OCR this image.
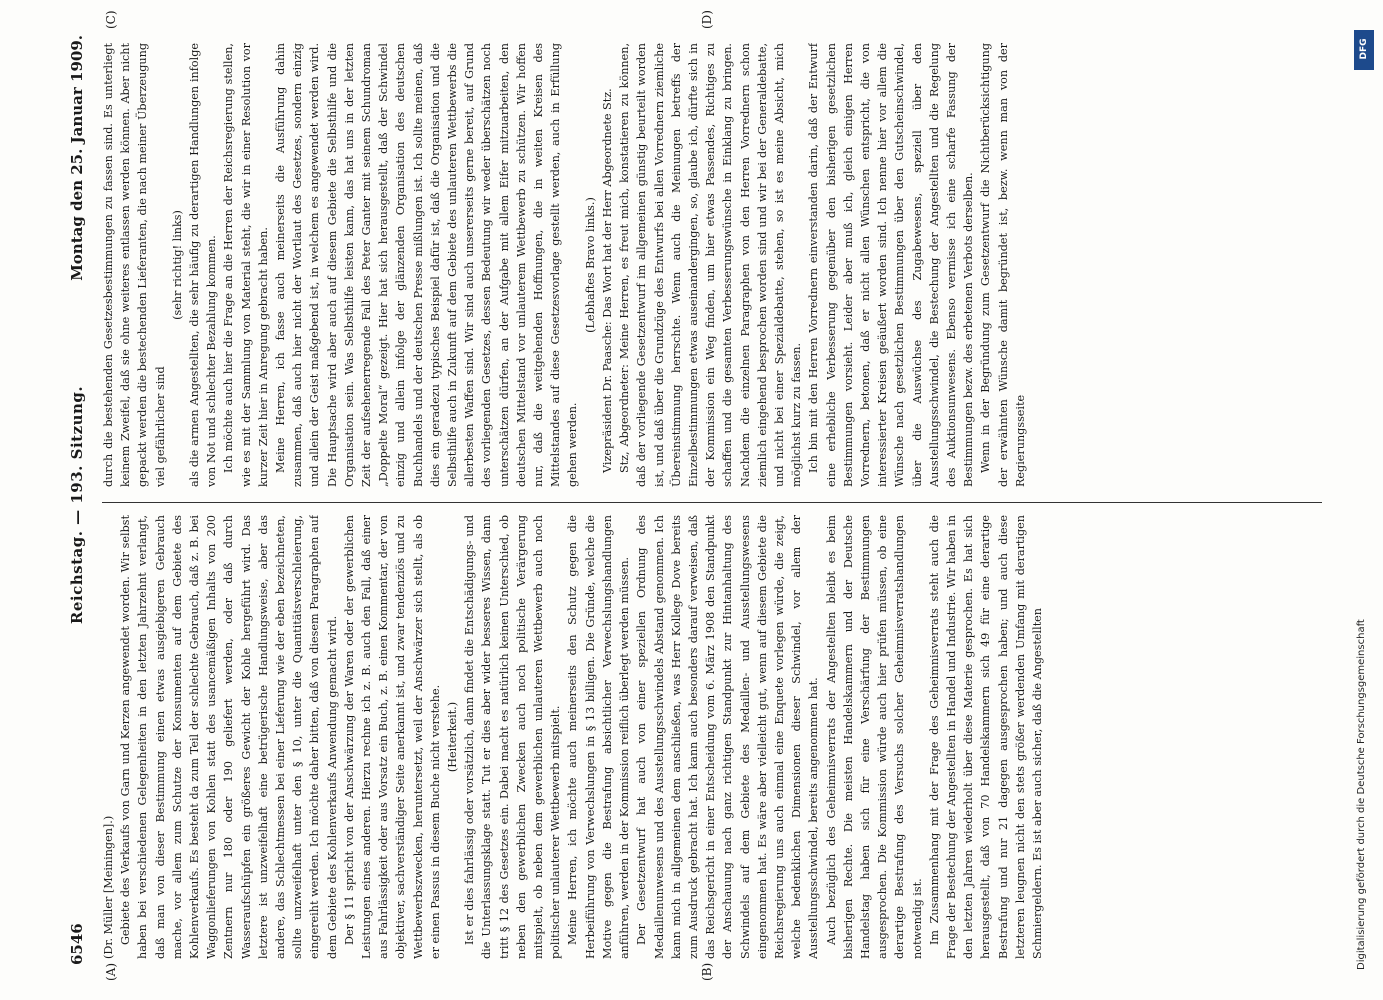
6546
Reichstag. — 193. Sitzung.
Montag den 25. Januar 1909.
(A)	(B)
(C)	(D)

(Dr. Müller [Meiningen].) Gebiete des Verkaufs von Garn und Kerzen angewendet worden. Wir selbst haben bei verschiedenen Gelegenheiten in den letzten Jahrzehnt verlangt, daß man von dieser Bestimmung einen etwas ausgiebigeren Gebrauch mache, vor allem zum Schutze der Konsumenten auf dem Gebiete des Kohlenverkaufs. Es besteht da zum Teil der schlechte Gebrauch, daß z. B. bei Waggonlieferungen von Kohlen statt des usancemäßigen Inhalts von 200 Zentnern nur 180 oder 190 geliefert werden, oder daß durch Wasseraufschüpfen ein größeres Gewicht der Kohle hergeführt wird. Das letztere ist unzweifelhaft eine betrügerische Handlungsweise, aber das andere, das Schlechtmessen bei einer Lieferung wie der eben bezeichneten, sollte unzweifelhaft unter den § 10, unter die Quantitätsverschleierung, eingereiht werden. Ich möchte daher bitten, daß von diesem Paragraphen auf dem Gebiete des Kohlenverkaufs Anwendung gemacht wird. Der § 11 spricht von der Anschwärzung der Waren oder der gewerblichen Leistungen eines anderen. Hierzu rechne ich z. B. auch den Fall, daß einer aus Fahrlässigkeit oder aus Vorsatz ein Buch, z. B. einen Kommentar, der von objektiver, sachverständiger Seite anerkannt ist, und zwar tendenziös und zu Wettbewerbszwecken, heruntersetzt, weil der Anschwärzer sich stellt, als ob er einen Passus in diesem Buche nicht verstehe. (Heiterkeit.) Ist er dies fahrlässig oder vorsätzlich, dann findet die Entschädigungs- und die Unterlassungsklage statt. Tut er dies aber wider besseres Wissen, dann tritt § 12 des Gesetzes ein. Dabei macht es natürlich keinen Unterschied, ob neben den gewerblichen Zwecken auch noch politische Verärgerung mitspielt, ob neben dem gewerblichen unlauteren Wettbewerb auch noch politischer unlauterer Wettbewerb mitspielt. Meine Herren, ich möchte auch meinerseits den Schutz gegen die Herbeiführung von Verwechslungen in § 13 billigen. Die Gründe, welche die Motive gegen die Bestrafung absichtlicher Verwechslungshandlungen anführen, werden in der Kommission reiflich überlegt werden müssen. Der Gesetzentwurf hat auch von einer speziellen Ordnung des Medaillenunwesens und des Ausstellungsschwindels Abstand genommen. Ich kann mich in allgemeinen dem anschließen, was Herr Kollege Dove bereits zum Ausdruck gebracht hat. Ich kann auch besonders darauf verweisen, daß das Reichsgericht in einer Entscheidung vom 6. März 1908 den Standpunkt der Anschauung nach ganz richtigen Standpunkt zur Hintanhaltung des Schwindels auf dem Gebiete des Medaillen- und Ausstellungswesens eingenommen hat. Es wäre aber vielleicht gut, wenn auf diesem Gebiete die Reichsregierung uns auch einmal eine Enquete vorlegen würde, die zeigt, welche bedenklichen Dimensionen dieser Schwindel, vor allem der Ausstellungsschwindel, bereits angenommen hat. Auch bezüglich des Geheimnisverrats der Angestellten bleibt es beim bisherigen Rechte. Die meisten Handelskammern und der Deutsche Handelstag haben sich für eine Verschärfung der Bestimmungen ausgesprochen. Die Kommission würde auch hier prüfen müssen, ob eine derartige Bestrafung des Versuchs solcher Geheimnisverratshandlungen notwendig ist. Im Zusammenhang mit der Frage des Geheimnisverrats steht auch die Frage der Bestechung der Angestellten in Handel und Industrie. Wir haben in den letzten Jahren wiederholt über diese Materie gesprochen. Es hat sich herausgestellt, daß von 70 Handelskammern sich 49 für eine derartige Bestrafung und nur 21 dagegen ausgesprochen haben; und auch diese letzteren leugnen nicht den stets größer werdenden Umfang mit derartigen Schmiergeldern. Es ist aber auch sicher, daß die Angestellten

durch die bestehenden Gesetzesbestimmungen zu fassen sind. Es unterliegt keinem Zweifel, daß sie ohne weiteres entlassen werden können. Aber nicht gepackt werden die bestechenden Lieferanten, die nach meiner Überzeugung viel gefährlicher sind

(sehr richtig! links) als die armen Angestellten, die sehr häufig zu derartigen Handlungen infolge von Not und schlechter Bezahlung kommen. Ich möchte auch hier die Frage an die Herren der Reichsregierung stellen, wie es mit der Sammlung von Material steht, die wir in einer Resolution vor kurzer Zeit hier in Anregung gebracht haben. Meine Herren, ich fasse auch meinerseits die Ausführung dahin zusammen, daß auch hier nicht der Wortlaut des Gesetzes, sondern einzig und allein der Geist maßgebend ist, in welchem es angewendet werden wird. Die Hauptsache wird aber auch auf diesem Gebiete die Selbsthilfe und die Organisation sein. Was Selbsthilfe leisten kann, das hat uns in der letzten Zeit der aufsehenerregende Fall des Peter Ganter mit seinem Schundroman „Doppelte Moral“ gezeigt. Hier hat sich herausgestellt, daß der Schwindel einzig und allein infolge der glänzenden Organisation des deutschen Buchhandels und der deutschen Presse mißlungen ist. Ich sollte meinen, daß dies ein geradezu typisches Beispiel dafür ist, daß die Organisation und die Selbsthilfe auch in Zukunft auf dem Gebiete des unlauteren Wettbewerbs die allerbesten Waffen sind. Wir sind auch unsererseits gerne bereit, auf Grund des vorliegenden Gesetzes, dessen Bedeutung wir weder überschätzen noch unterschätzen dürfen, an der Aufgabe mit allem Eifer mitzuarbeiten, den deutschen Mittelstand vor unlauterem Wettbewerb zu schützen. Wir hoffen nur, daß die weitgehenden Hoffnungen, die in weiten Kreisen des Mittelstandes auf diese Gesetzesvorlage gestellt werden, auch in Erfüllung gehen werden.

(Lebhaftes Bravo links.) Vizepräsident Dr. Paasche: Das Wort hat der Herr Abgeordnete Stz. Stz, Abgeordneter: Meine Herren, es freut mich, konstatieren zu können, daß der vorliegende Gesetzentwurf im allgemeinen günstig beurteilt worden ist, und daß über die Grundzüge des Entwurfs bei allen Vorrednern ziemliche Übereinstimmung herrschte. Wenn auch die Meinungen betreffs der Einzelbestimmungen etwas auseinandergingen, so, glaube ich, dürfte sich in der Kommission ein Weg finden, um hier etwas Passendes, Richtiges zu schaffen und die gesamten Verbesserungswünsche in Einklang zu bringen. Nachdem die einzelnen Paragraphen von den Herren Vorrednern schon ziemlich eingehend besprochen worden sind und wir bei der Generaldebatte, und nicht bei einer Spezialdebatte, stehen, so ist es meine Absicht, mich möglichst kurz zu fassen. Ich bin mit den Herren Vorrednern einverstanden darin, daß der Entwurf eine erhebliche Verbesserung gegenüber den bisherigen gesetzlichen Bestimmungen vorsieht. Leider aber muß ich, gleich einigen Herren Vorrednern, betonen, daß er nicht allen Wünschen entspricht, die von interessierter Kreisen geäußert worden sind. Ich nenne hier vor allem die Wünsche nach gesetzlichen Bestimmungen über den Gutscheinschwindel, über die Auswüchse des Zugabewesens, speziell über den Ausstellungsschwindel, die Bestechung der Angestellten und die Regelung des Auktionsunwesens. Ebenso vermisse ich eine scharfe Fassung der Bestimmungen bezw. des erbetenen Verbots derselben. Wenn in der Begründung zum Gesetzentwurf die Nichtberücksichtigung der erwähnten Wünsche damit begründet ist, bezw. wenn man von der Regierungsseite

DFG
Digitalisierung gefördert durch die Deutsche Forschungsgemeinschaft
